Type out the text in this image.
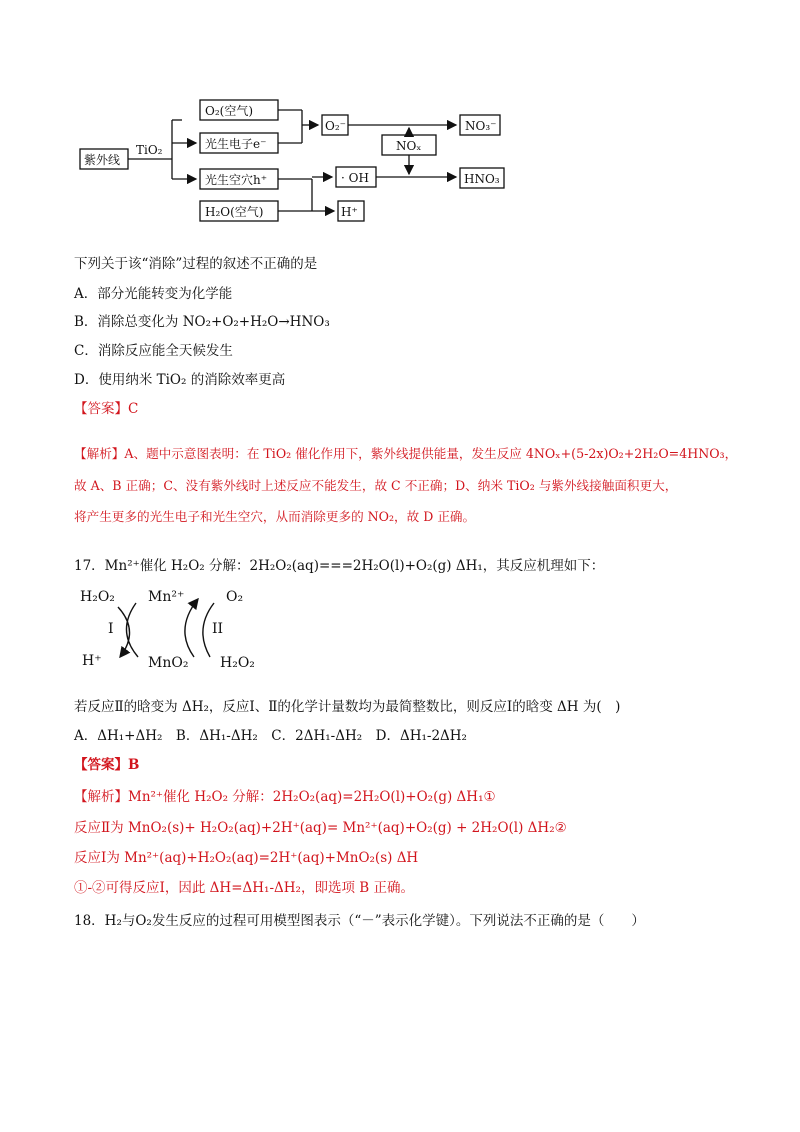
紫外线
TiO₂
O₂(空气)
光生电子e⁻
光生空穴h⁺
H₂O(空气)
O₂⁻
· OH
H⁺
NOₓ
NO₃⁻
HNO₃
下列关于该“消除”过程的叙述不正确的是
A．部分光能转变为化学能
B．消除总变化为 NO₂+O₂+H₂O→HNO₃
C．消除反应能全天候发生
D．使用纳米 TiO₂ 的消除效率更高
【答案】C
【解析】A、题中示意图表明：在 TiO₂ 催化作用下，紫外线提供能量，发生反应 4NOₓ+(5-2x)O₂+2H₂O=4HNO₃，
故 A、B 正确；C、没有紫外线时上述反应不能发生，故 C 不正确；D、纳米 TiO₂ 与紫外线接触面积更大，
将产生更多的光生电子和光生空穴，从而消除更多的 NO₂，故 D 正确。
17．Mn²⁺催化 H₂O₂ 分解：2H₂O₂(aq)===2H₂O(l)+O₂(g) ΔH₁，其反应机理如下：
H₂O₂ Mn²⁺	O₂
I	II
H⁺	MnO₂ H₂O₂
若反应Ⅱ的晗变为 ΔH₂，反应Ⅰ、Ⅱ的化学计量数均为最简整数比，则反应Ⅰ的晗变 ΔH 为(　)
A．ΔH₁+ΔH₂　B．ΔH₁-ΔH₂　C．2ΔH₁-ΔH₂　D．ΔH₁-2ΔH₂
【答案】B
【解析】Mn²⁺催化 H₂O₂ 分解：2H₂O₂(aq)=2H₂O(l)+O₂(g) ΔH₁①
反应Ⅱ为 MnO₂(s)+ H₂O₂(aq)+2H⁺(aq)= Mn²⁺(aq)+O₂(g) + 2H₂O(l) ΔH₂②
反应Ⅰ为 Mn²⁺(aq)+H₂O₂(aq)=2H⁺(aq)+MnO₂(s) ΔH
①-②可得反应Ⅰ，因此 ΔH=ΔH₁-ΔH₂，即选项 B 正确。
18．H₂与O₂发生反应的过程可用模型图表示（“－”表示化学键）。下列说法不正确的是（　　）
